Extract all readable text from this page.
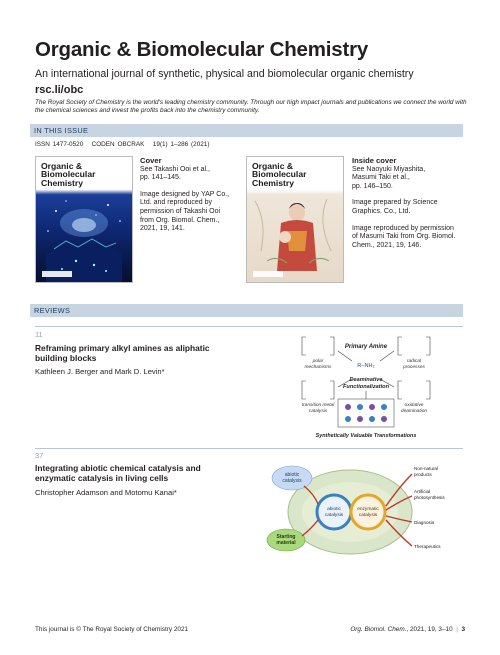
Organic & Biomolecular Chemistry
An international journal of synthetic, physical and biomolecular organic chemistry
rsc.li/obc
The Royal Society of Chemistry is the world's leading chemistry community. Through our high impact journals and publications we connect the world with the chemical sciences and invest the profits back into the chemistry community.
IN THIS ISSUE
ISSN 1477-0520 CODEN OBCRAK 19(1) 1–286 (2021)
Organic &
Biomolecular
Chemistry
Cover
See Takashi Ooi et al.,
pp. 141–145.
Image designed by YAP Co., Ltd. and reproduced by permission of Takashi Ooi from Org. Biomol. Chem., 2021, 19, 141.
Organic &
Biomolecular
Chemistry
Inside cover
See Naoyuki Miyashita,
Masumi Taki et al.,
pp. 146–150.
Image prepared by Science Graphics. Co., Ltd.
Image reproduced by permission of Masumi Taki from Org. Biomol. Chem., 2021, 19, 146.
REVIEWS
11
Reframing primary alkyl amines as aliphatic
building blocks
Kathleen J. Berger and Mark D. Levin*
Primary Amine
R–NH₂
Deaminative
Functionalization
polar
mechanisms
radical
processes
transition metal
catalysis
oxidative
deamination
Synthetically Valuable Transformations
37
Integrating abiotic chemical catalysis and
enzymatic catalysis in living cells
Christopher Adamson and Motomu Kanai*
abiotic
catalysis
Starting
material
abiotic
catalysis
enzymatic
catalysis
Non-natural
products
Artificial
photosynthesis
Diagnosis
Therapeutics
This journal is © The Royal Society of Chemistry 2021	Org. Biomol. Chem., 2021, 19, 3–10  |  3
